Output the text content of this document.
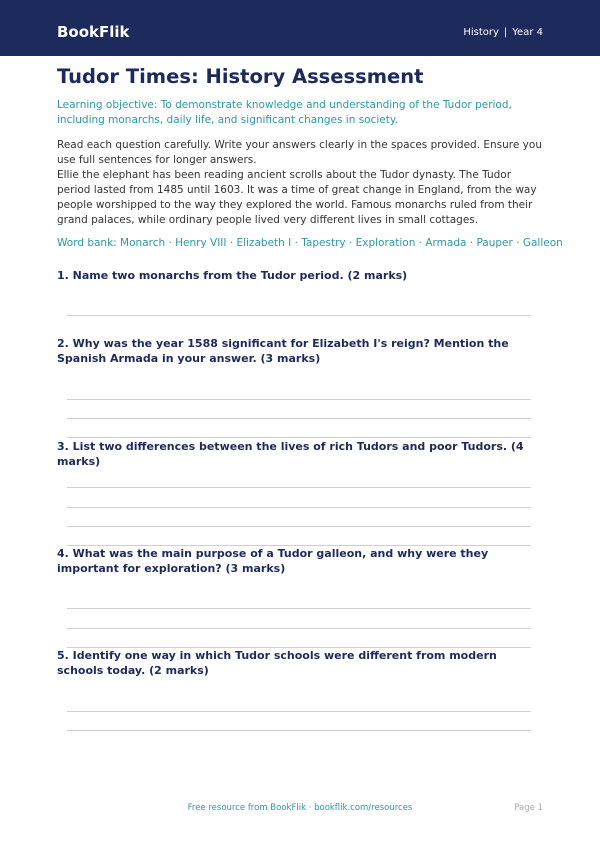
BookFlik	History | Year 4
Tudor Times: History Assessment

Learning objective: To demonstrate knowledge and understanding of the Tudor period, including monarchs, daily life, and significant changes in society.

Read each question carefully. Write your answers clearly in the spaces provided. Ensure you use full sentences for longer answers.

Ellie the elephant has been reading ancient scrolls about the Tudor dynasty. The Tudor period lasted from 1485 until 1603. It was a time of great change in England, from the way people worshipped to the way they explored the world. Famous monarchs ruled from their grand palaces, while ordinary people lived very different lives in small cottages.

Word bank: Monarch · Henry VIII · Elizabeth I · Tapestry · Exploration · Armada · Pauper · Galleon

1. Name two monarchs from the Tudor period. (2 marks)

2. Why was the year 1588 significant for Elizabeth I's reign? Mention the Spanish Armada in your answer. (3 marks)

3. List two differences between the lives of rich Tudors and poor Tudors. (4 marks)

4. What was the main purpose of a Tudor galleon, and why were they important for exploration? (3 marks)

5. Identify one way in which Tudor schools were different from modern schools today. (2 marks)

Free resource from BookFlik · bookflik.com/resources	Page 1
